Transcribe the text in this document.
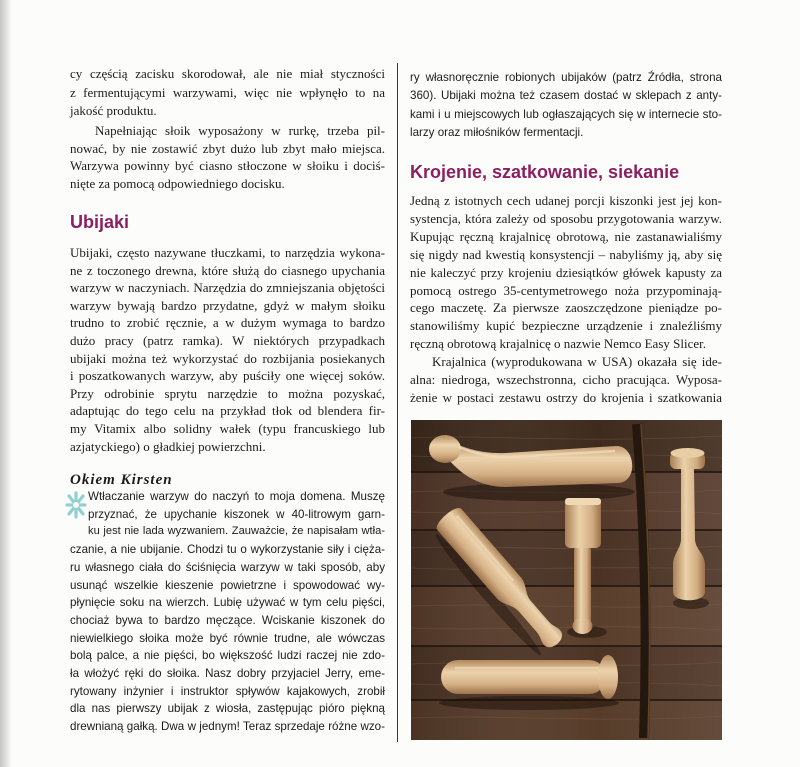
cy częścią zacisku skorodował, ale nie miał styczności
z fermentującymi warzywami, więc nie wpłynęło to na
jakość produktu.
Napełniając słoik wyposażony w rurkę, trzeba pil-
nować, by nie zostawić zbyt dużo lub zbyt mało miejsca.
Warzywa powinny być ciasno stłoczone w słoiku i dociś-
nięte za pomocą odpowiedniego docisku.
Ubijaki
Ubijaki, często nazywane tłuczkami, to narzędzia wykona-
ne z toczonego drewna, które służą do ciasnego upychania
warzyw w naczyniach. Narzędzia do zmniejszania objętości
warzyw bywają bardzo przydatne, gdyż w małym słoiku
trudno to zrobić ręcznie, a w dużym wymaga to bardzo
dużo pracy (patrz ramka). W niektórych przypadkach
ubijaki można też wykorzystać do rozbijania posiekanych
i poszatkowanych warzyw, aby puściły one więcej soków.
Przy odrobinie sprytu narzędzie to można pozyskać,
adaptując do tego celu na przykład tłok od blendera fir-
my Vitamix albo solidny wałek (typu francuskiego lub
azjatyckiego) o gładkiej powierzchni.
Okiem Kirsten
Wtłaczanie warzyw do naczyń to moja domena. Muszę
przyznać, że upychanie kiszonek w 40-litrowym garn-
ku jest nie lada wyzwaniem. Zauważcie, że napisałam wtła-
czanie, a nie ubijanie. Chodzi tu o wykorzystanie siły i cięża-
ru własnego ciała do ściśnięcia warzyw w taki sposób, aby
usunąć wszelkie kieszenie powietrzne i spowodować wy-
płynięcie soku na wierzch. Lubię używać w tym celu pięści,
chociaż bywa to bardzo męczące. Wciskanie kiszonek do
niewielkiego słoika może być równie trudne, ale wówczas
bolą palce, a nie pięści, bo większość ludzi raczej nie zdo-
ła włożyć ręki do słoika. Nasz dobry przyjaciel Jerry, eme-
rytowany inżynier i instruktor spływów kajakowych, zrobił
dla nas pierwszy ubijak z wiosła, zastępując pióro piękną
drewnianą gałką. Dwa w jednym! Teraz sprzedaje różne wzo-
ry własnoręcznie robionych ubijaków (patrz Źródła, strona
360). Ubijaki można też czasem dostać w sklepach z anty-
kami i u miejscowych lub ogłaszających się w internecie sto-
larzy oraz miłośników fermentacji.
Krojenie, szatkowanie, siekanie
Jedną z istotnych cech udanej porcji kiszonki jest jej kon-
systencja, która zależy od sposobu przygotowania warzyw.
Kupując ręczną krajalnicę obrotową, nie zastanawialiśmy
się nigdy nad kwestią konsystencji – nabyliśmy ją, aby się
nie kaleczyć przy krojeniu dziesiątków główek kapusty za
pomocą ostrego 35-centymetrowego noża przypominają-
cego maczetę. Za pierwsze zaoszczędzone pieniądze po-
stanowiliśmy kupić bezpieczne urządzenie i znaleźliśmy
ręczną obrotową krajalnicę o nazwie Nemco Easy Slicer.
Krajalnica (wyprodukowana w USA) okazała się ide-
alna: niedroga, wszechstronna, cicho pracująca. Wyposa-
żenie w postaci zestawu ostrzy do krojenia i szatkowania
